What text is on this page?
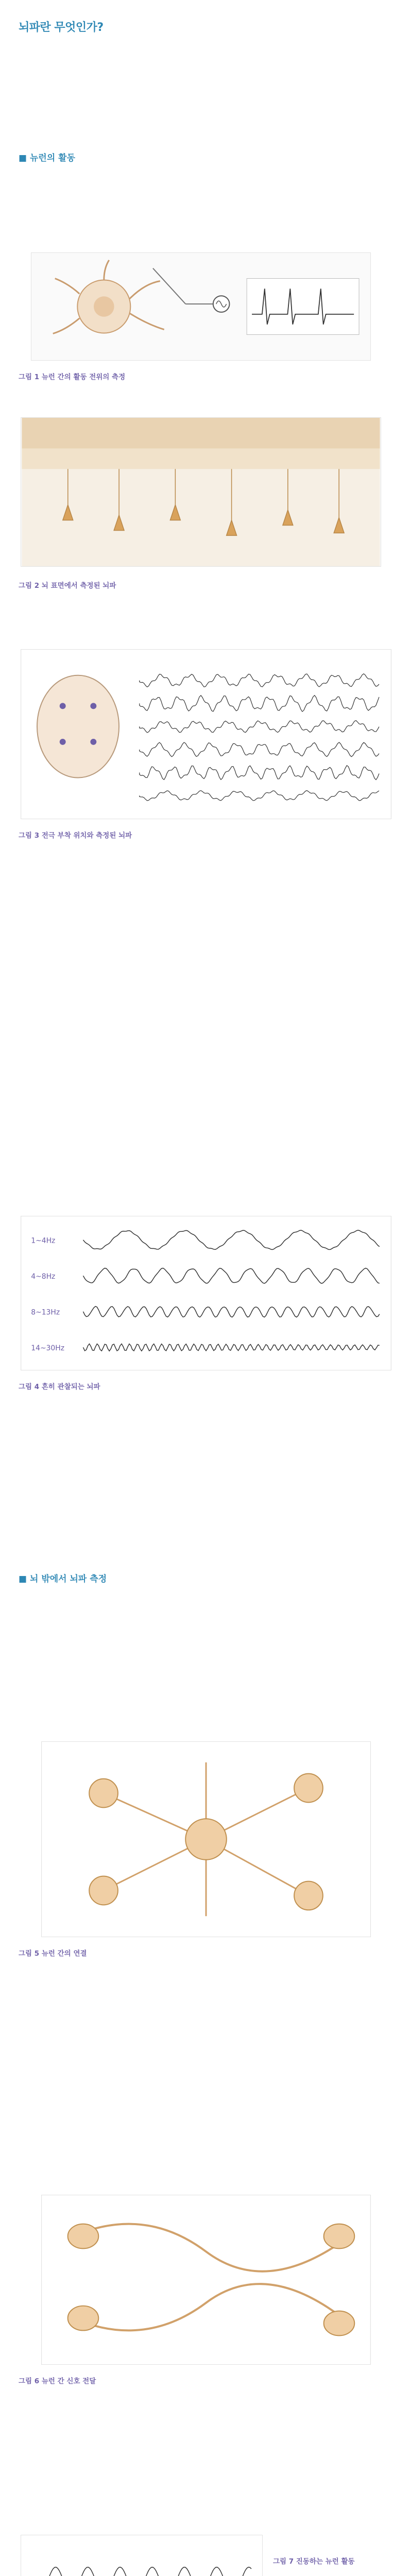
뇌파란 무엇인가?
■ 뉴런의 활동
그림 1 뉴런 간의 활동 전위의 측정
그림 2 뇌 표면에서 측정된 뇌파
그림 3 전극 부착 위치와 측정된 뇌파
1~4Hz
4~8Hz
8~13Hz
14~30Hz
그림 4 흔히 관찰되는 뇌파
■ 뇌 밖에서 뇌파 측정
그림 5 뉴런 간의 연결
그림 6 뉴런 간 신호 전달
그림 7 진동하는 뉴런 활동
